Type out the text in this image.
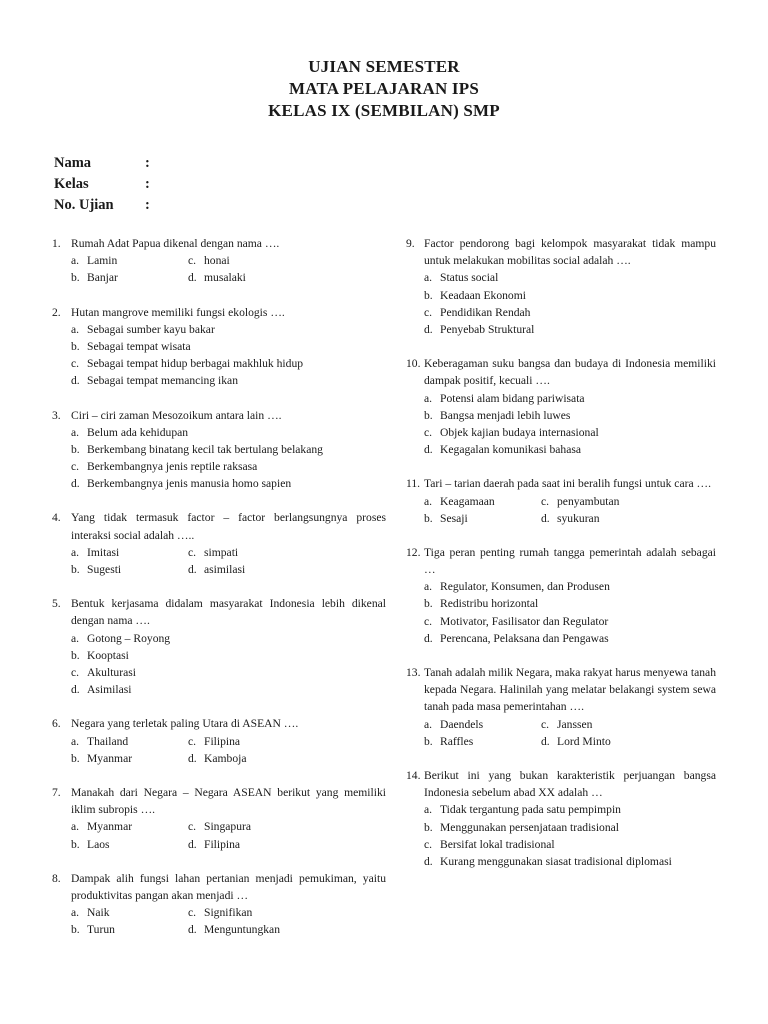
UJIAN SEMESTER
MATA PELAJARAN IPS
KELAS IX (SEMBILAN) SMP
Nama	:
Kelas	:
No. Ujian :
1. Rumah Adat Papua dikenal dengan nama ….
a. Lamin	c. honai
b. Banjar	d. musalaki
2. Hutan mangrove memiliki fungsi ekologis ….
a. Sebagai sumber kayu bakar
b. Sebagai tempat wisata
c. Sebagai tempat hidup berbagai makhluk hidup
d. Sebagai tempat memancing ikan
3. Ciri – ciri zaman Mesozoikum antara lain ….
a. Belum ada kehidupan
b. Berkembang binatang kecil tak bertulang belakang
c. Berkembangnya jenis reptile raksasa
d. Berkembangnya jenis manusia homo sapien
4. Yang tidak termasuk factor – factor berlangsungnya proses interaksi social adalah …..
a. Imitasi	c. simpati
b. Sugesti	d. asimilasi
5. Bentuk kerjasama didalam masyarakat Indonesia lebih dikenal dengan nama ….
a. Gotong – Royong
b. Kooptasi
c. Akulturasi
d. Asimilasi
6. Negara yang terletak paling Utara di ASEAN ….
a. Thailand	c. Filipina
b. Myanmar	d. Kamboja
7. Manakah dari Negara – Negara ASEAN berikut yang memiliki iklim subropis ….
a. Myanmar	c. Singapura
b. Laos	d. Filipina
8. Dampak alih fungsi lahan pertanian menjadi pemukiman, yaitu produktivitas pangan akan menjadi …
a. Naik	c. Signifikan
b. Turun	d. Menguntungkan
9. Factor pendorong bagi kelompok masyarakat tidak mampu untuk melakukan mobilitas social adalah ….
a. Status social
b. Keadaan Ekonomi
c. Pendidikan Rendah
d. Penyebab Struktural
10. Keberagaman suku bangsa dan budaya di Indonesia memiliki dampak positif, kecuali ….
a. Potensi alam bidang pariwisata
b. Bangsa menjadi lebih luwes
c. Objek kajian budaya internasional
d. Kegagalan komunikasi bahasa
11. Tari – tarian daerah pada saat ini beralih fungsi untuk cara ….
a. Keagamaan	c. penyambutan
b. Sesaji	d. syukuran
12. Tiga peran penting rumah tangga pemerintah adalah sebagai …
a. Regulator, Konsumen, dan Produsen
b. Redistribu horizontal
c. Motivator, Fasilisator dan Regulator
d. Perencana, Pelaksana dan Pengawas
13. Tanah adalah milik Negara, maka rakyat harus menyewa tanah kepada Negara. Halinilah yang melatar belakangi system sewa tanah pada masa pemerintahan ….
a. Daendels	c. Janssen
b. Raffles	d. Lord Minto
14. Berikut ini yang bukan karakteristik perjuangan bangsa Indonesia sebelum abad XX adalah …
a. Tidak tergantung pada satu pempimpin
b. Menggunakan persenjataan tradisional
c. Bersifat lokal tradisional
d. Kurang menggunakan siasat tradisional diplomasi
